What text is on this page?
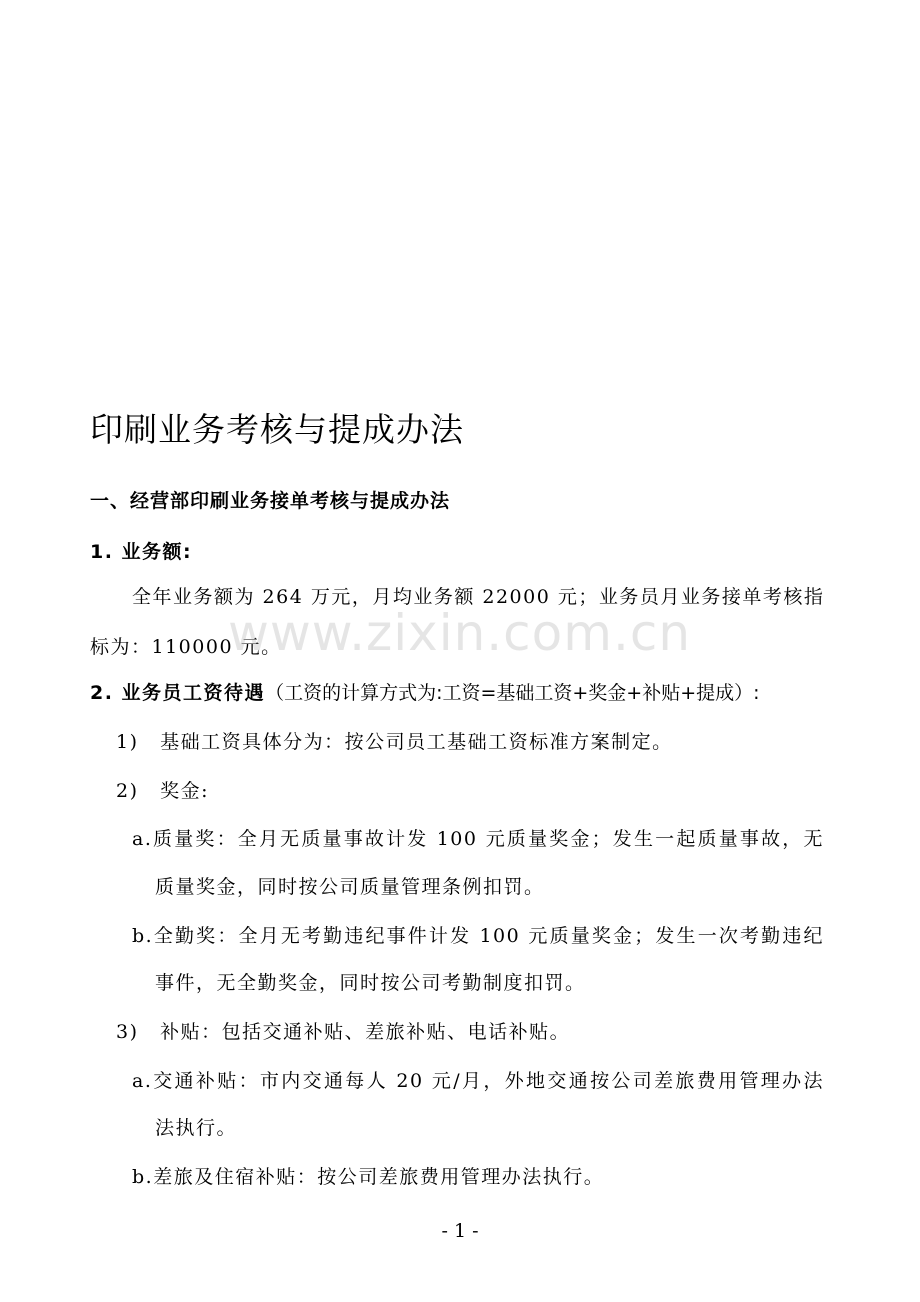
印刷业务考核与提成办法
一、经营部印刷业务接单考核与提成办法
1. 业务额:
全年业务额为 264 万元，月均业务额 22000 元；业务员月业务接单考核指
标为：110000 元。
2. 业务员工资待遇（工资的计算方式为:工资=基础工资+奖金+补贴+提成）:
1) 基础工资具体分为：按公司员工基础工资标准方案制定。
2) 奖金:
a.质量奖：全月无质量事故计发 100 元质量奖金；发生一起质量事故，无
质量奖金，同时按公司质量管理条例扣罚。
b.全勤奖：全月无考勤违纪事件计发 100 元质量奖金；发生一次考勤违纪
事件，无全勤奖金，同时按公司考勤制度扣罚。
3) 补贴：包括交通补贴、差旅补贴、电话补贴。
a.交通补贴：市内交通每人 20 元/月，外地交通按公司差旅费用管理办法
法执行。
b.差旅及住宿补贴：按公司差旅费用管理办法执行。
www.zixin.com.cn
- 1 -
